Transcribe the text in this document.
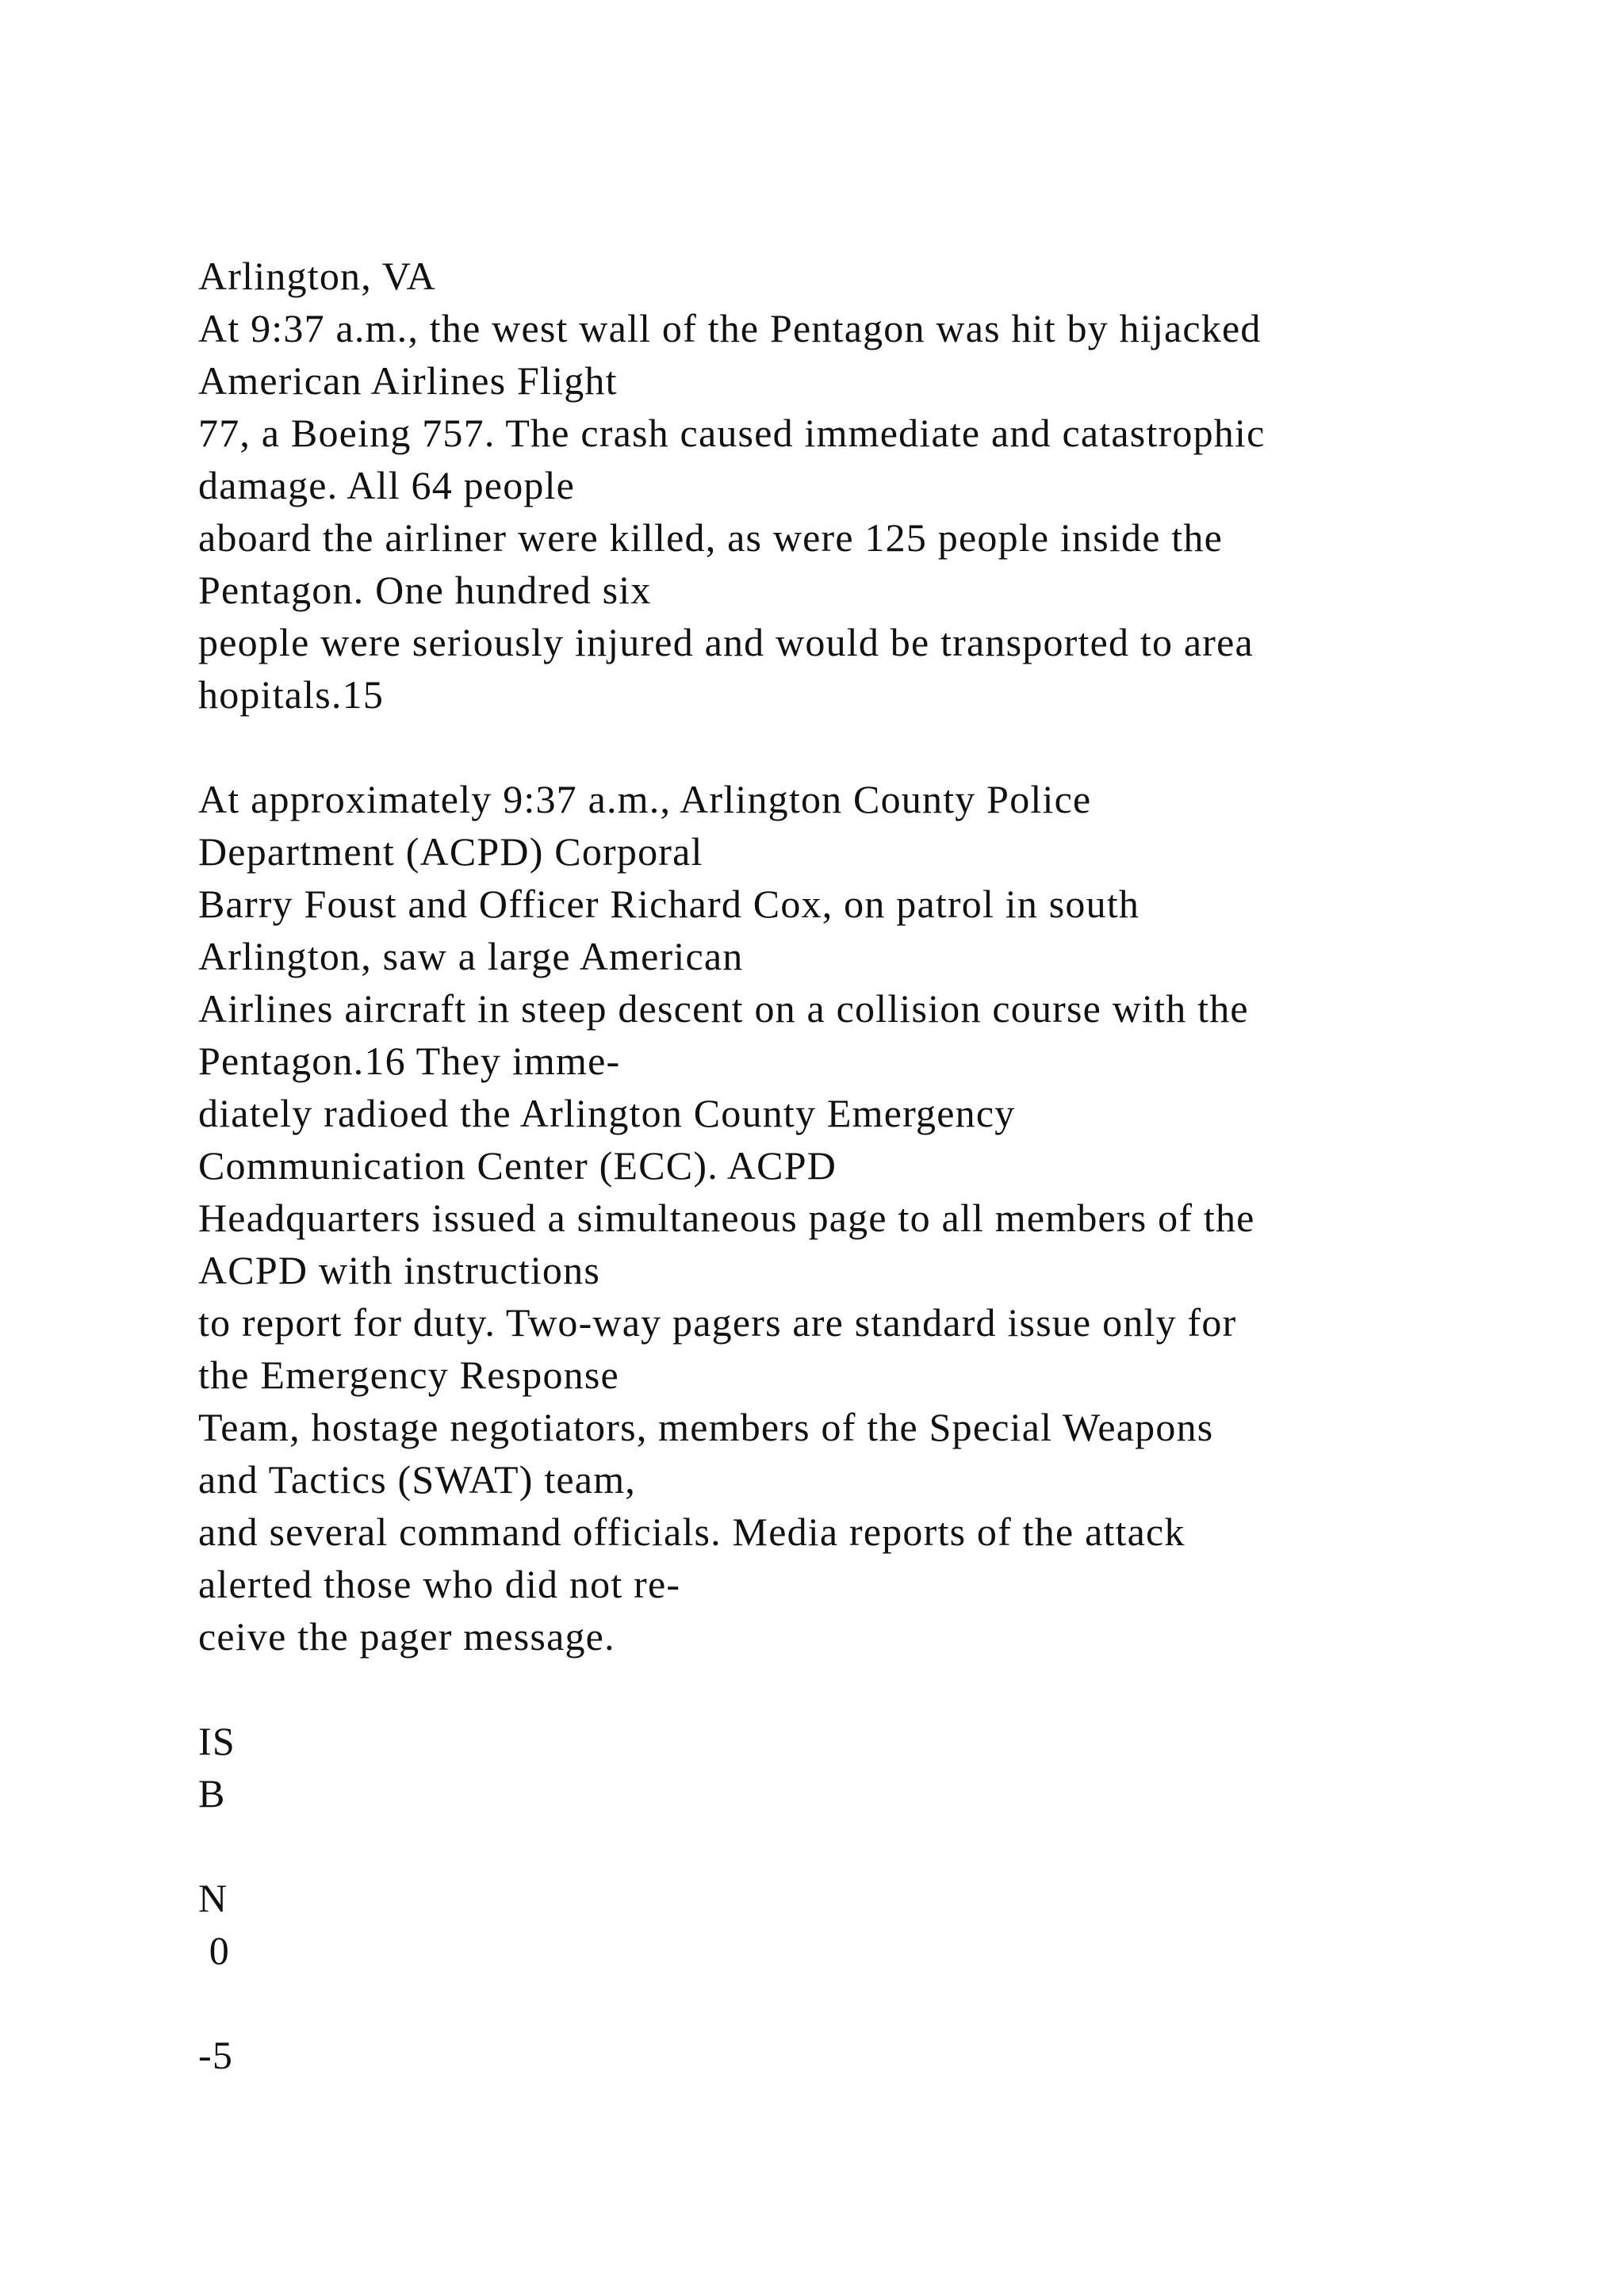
Arlington, VA
At 9:37 a.m., the west wall of the Pentagon was hit by hijacked
American Airlines Flight
77, a Boeing 757. The crash caused immediate and catastrophic
damage. All 64 people
aboard the airliner were killed, as were 125 people inside the
Pentagon. One hundred six
people were seriously injured and would be transported to area
hopitals.15
At approximately 9:37 a.m., Arlington County Police
Department (ACPD) Corporal
Barry Foust and Officer Richard Cox, on patrol in south
Arlington, saw a large American
Airlines aircraft in steep descent on a collision course with the
Pentagon.16 They imme-
diately radioed the Arlington County Emergency
Communication Center (ECC). ACPD
Headquarters issued a simultaneous page to all members of the
ACPD with instructions
to report for duty. Two-way pagers are standard issue only for
the Emergency Response
Team, hostage negotiators, members of the Special Weapons
and Tactics (SWAT) team,
and several command officials. Media reports of the attack
alerted those who did not re-
ceive the pager message.
IS
B
N
0
-5
